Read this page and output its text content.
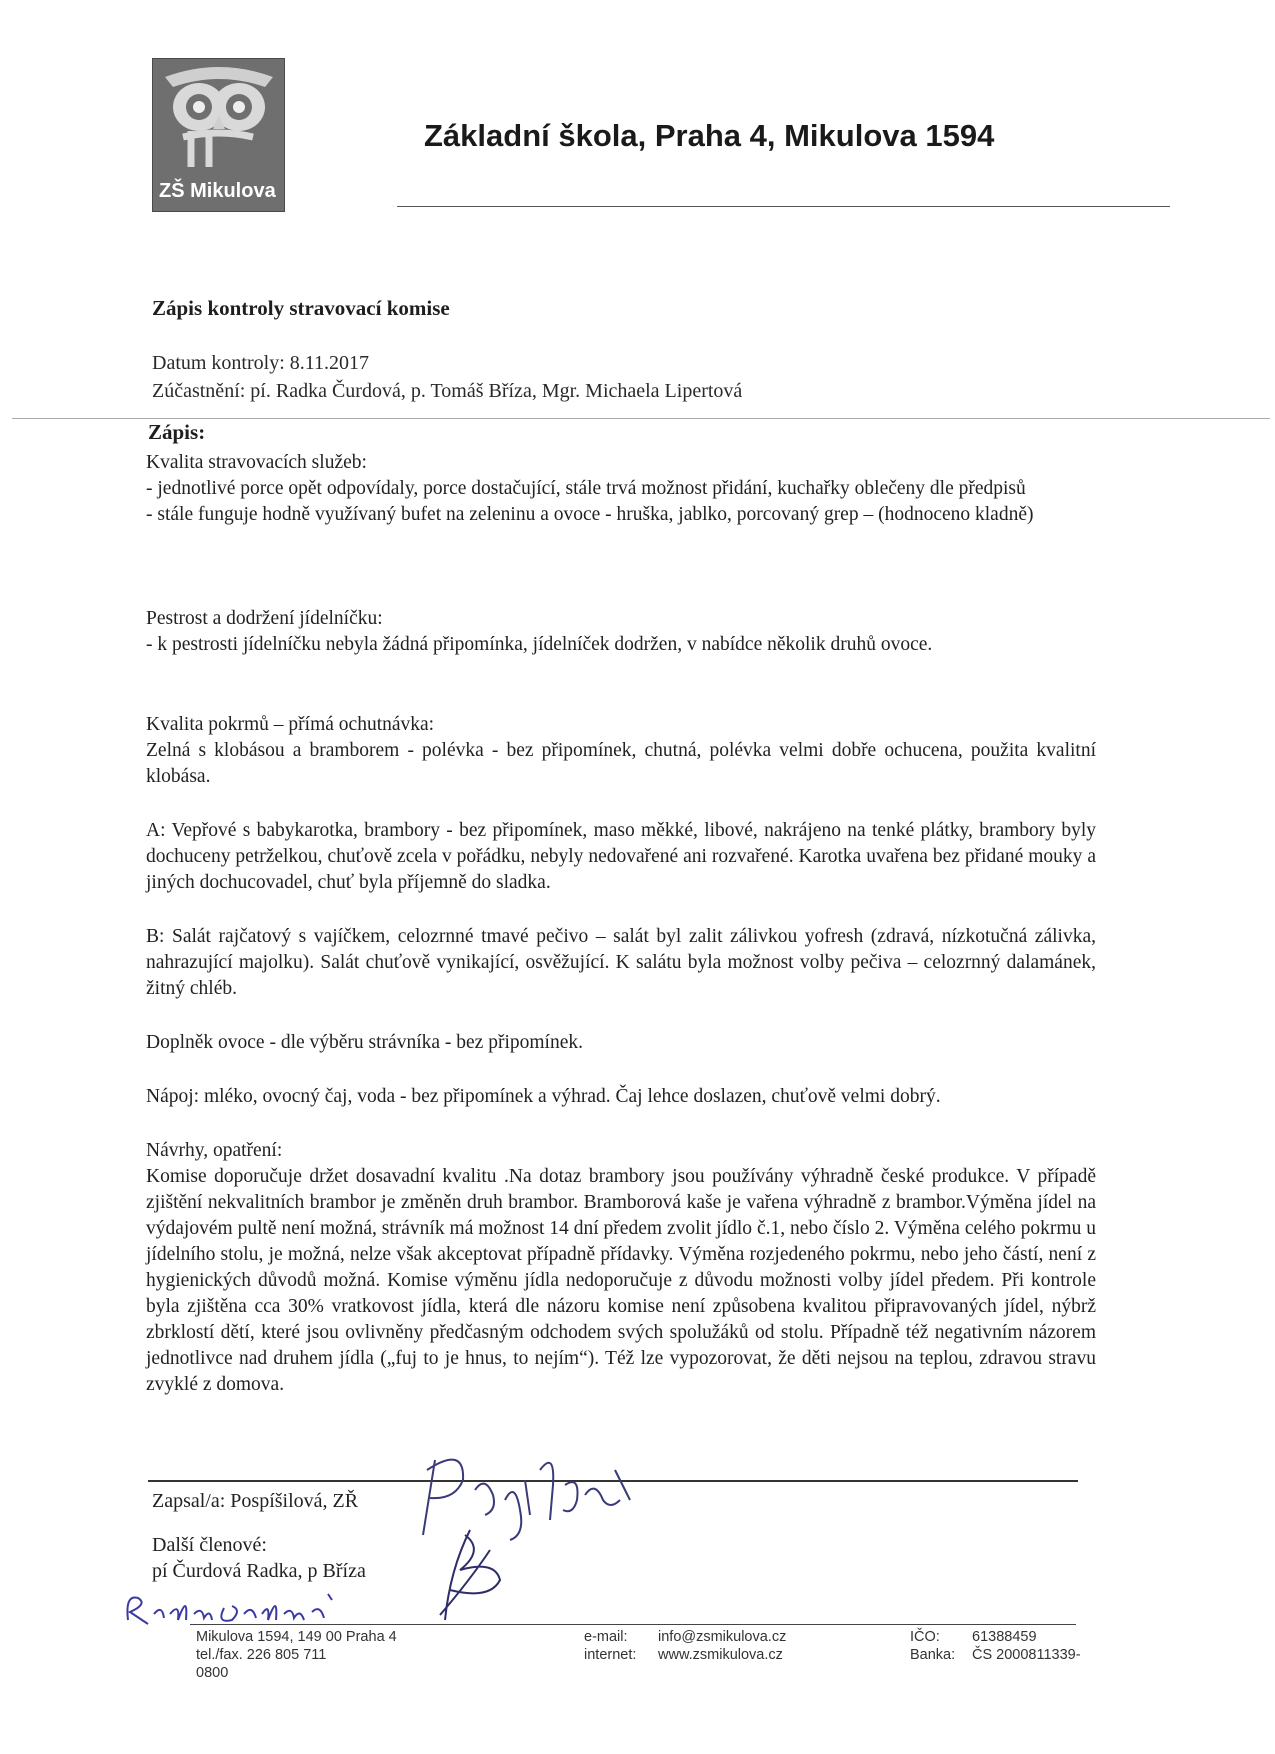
ZŠ Mikulova
Základní škola, Praha 4, Mikulova 1594
Zápis kontroly stravovací komise
Datum kontroly: 8.11.2017
Zúčastnění: pí. Radka Čurdová, p. Tomáš Bříza, Mgr. Michaela Lipertová
Zápis:

Kvalita stravovacích služeb:
- jednotlivé porce opět odpovídaly, porce dostačující, stále trvá možnost přidání, kuchařky oblečeny dle předpisů
- stále funguje hodně využívaný bufet na zeleninu a ovoce - hruška, jablko, porcovaný grep – (hodnoceno kladně)

Pestrost a dodržení jídelníčku:
- k pestrosti jídelníčku nebyla žádná připomínka, jídelníček dodržen, v nabídce několik druhů ovoce.

Kvalita pokrmů – přímá ochutnávka:
Zelná s klobásou a bramborem - polévka - bez připomínek, chutná, polévka velmi dobře ochucena, použita kvalitní klobása.

A: Vepřové s babykarotka, brambory - bez připomínek, maso měkké, libové, nakrájeno na tenké plátky, brambory byly dochuceny petrželkou, chuťově zcela v pořádku, nebyly nedovařené ani rozvařené. Karotka uvařena bez přidané mouky a jiných dochucovadel, chuť byla příjemně do sladka.

B: Salát rajčatový s vajíčkem, celozrnné tmavé pečivo – salát byl zalit zálivkou yofresh (zdravá, nízkotučná zálivka, nahrazující majolku). Salát chuťově vynikající, osvěžující. K salátu byla možnost volby pečiva – celozrnný dalamánek, žitný chléb.

Doplněk ovoce - dle výběru strávníka - bez připomínek.

Nápoj: mléko, ovocný čaj, voda - bez připomínek a výhrad. Čaj lehce doslazen, chuťově velmi dobrý.

Návrhy, opatření:
Komise doporučuje držet dosavadní kvalitu .Na dotaz brambory jsou používány výhradně české produkce. V případě zjištění nekvalitních brambor je změněn druh brambor. Bramborová kaše je vařena výhradně z brambor.Výměna jídel na výdajovém pultě není možná, strávník má možnost 14 dní předem zvolit jídlo č.1, nebo číslo 2. Výměna celého pokrmu u jídelního stolu, je možná, nelze však akceptovat případně přídavky. Výměna rozjedeného pokrmu, nebo jeho částí, není z hygienických důvodů možná. Komise výměnu jídla nedoporučuje z důvodu možnosti volby jídel předem. Při kontrole byla zjištěna cca 30% vratkovost jídla, která dle názoru komise není způsobena kvalitou připravovaných jídel, nýbrž zbrklostí dětí, které jsou ovlivněny předčasným odchodem svých spolužáků od stolu. Případně též negativním názorem jednotlivce nad druhem jídla („fuj to je hnus, to nejím“). Též lze vypozorovat, že děti nejsou na teplou, zdravou stravu zvyklé z domova.

Zapsal/a: Pospíšilová, ZŘ
Další členové:
pí Čurdová Radka, p Bříza
Mikulova 1594, 149 00 Praha 4
tel./fax. 226 805 711
0800
e-mail:	info@zsmikulova.cz
internet:	www.zsmikulova.cz
IČO:	61388459
Banka:	ČS 2000811339-
